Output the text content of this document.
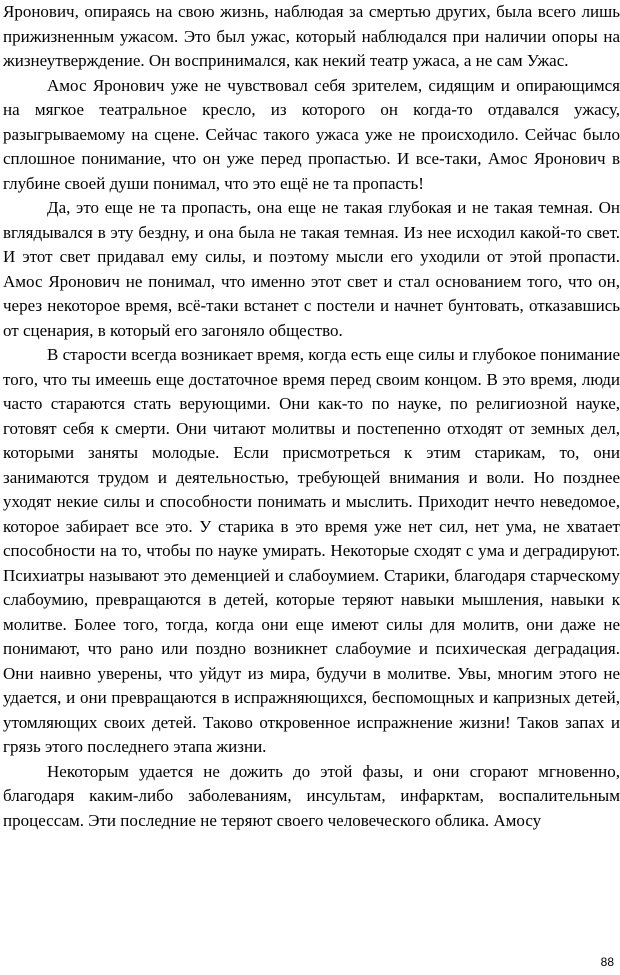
Яронович, опираясь на свою жизнь, наблюдая за смертью других, была всего лишь прижизненным ужасом. Это был ужас, который наблюдался при наличии опоры на жизнеутверждение. Он воспринимался, как некий театр ужаса, а не сам Ужас.

Амос Яронович уже не чувствовал себя зрителем, сидящим и опирающимся на мягкое театральное кресло, из которого он когда-то отдавался ужасу, разыгрываемому на сцене. Сейчас такого ужаса уже не происходило. Сейчас было сплошное понимание, что он уже перед пропастью. И все-таки, Амос Яронович в глубине своей души понимал, что это ещё не та пропасть!

Да, это еще не та пропасть, она еще не такая глубокая и не такая темная. Он вглядывался в эту бездну, и она была не такая темная. Из нее исходил какой-то свет. И этот свет придавал ему силы, и поэтому мысли его уходили от этой пропасти. Амос Яронович не понимал, что именно этот свет и стал основанием того, что он, через некоторое время, всё-таки встанет с постели и начнет бунтовать, отказавшись от сценария, в который его загоняло общество.

В старости всегда возникает время, когда есть еще силы и глубокое понимание того, что ты имеешь еще достаточное время перед своим концом. В это время, люди часто стараются стать верующими. Они как-то по науке, по религиозной науке, готовят себя к смерти. Они читают молитвы и постепенно отходят от земных дел, которыми заняты молодые. Если присмотреться к этим старикам, то, они занимаются трудом и деятельностью, требующей внимания и воли. Но позднее уходят некие силы и способности понимать и мыслить. Приходит нечто неведомое, которое забирает все это. У старика в это время уже нет сил, нет ума, не хватает способности на то, чтобы по науке умирать. Некоторые сходят с ума и деградируют. Психиатры называют это деменцией и слабоумием. Старики, благодаря старческому слабоумию, превращаются в детей, которые теряют навыки мышления, навыки к молитве. Более того, тогда, когда они еще имеют силы для молитв, они даже не понимают, что рано или поздно возникнет слабоумие и психическая деградация. Они наивно уверены, что уйдут из мира, будучи в молитве. Увы, многим этого не удается, и они превращаются в испражняющихся, беспомощных и капризных детей, утомляющих своих детей. Таково откровенное испражнение жизни! Таков запах и грязь этого последнего этапа жизни.

Некоторым удается не дожить до этой фазы, и они сгорают мгновенно, благодаря каким-либо заболеваниям, инсультам, инфарктам, воспалительным процессам. Эти последние не теряют своего человеческого облика. Амосу

88
